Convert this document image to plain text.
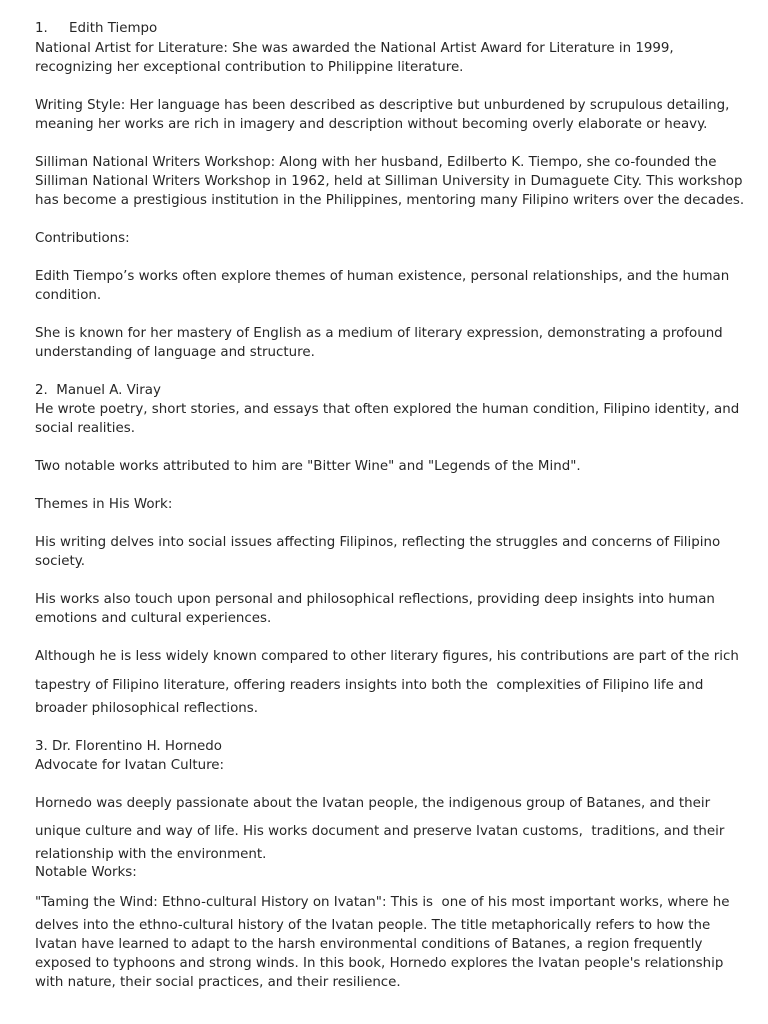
1.     Edith Tiempo
National Artist for Literature: She was awarded the National Artist Award for Literature in 1999,
recognizing her exceptional contribution to Philippine literature.
Writing Style: Her language has been described as descriptive but unburdened by scrupulous detailing,
meaning her works are rich in imagery and description without becoming overly elaborate or heavy.
Silliman National Writers Workshop: Along with her husband, Edilberto K. Tiempo, she co-founded the
Silliman National Writers Workshop in 1962, held at Silliman University in Dumaguete City. This workshop
has become a prestigious institution in the Philippines, mentoring many Filipino writers over the decades.
Contributions:
Edith Tiempo’s works often explore themes of human existence, personal relationships, and the human
condition.
She is known for her mastery of English as a medium of literary expression, demonstrating a profound
understanding of language and structure.
2.  Manuel A. Viray
He wrote poetry, short stories, and essays that often explored the human condition, Filipino identity, and
social realities.
Two notable works attributed to him are "Bitter Wine" and "Legends of the Mind".
Themes in His Work:
His writing delves into social issues affecting Filipinos, reflecting the struggles and concerns of Filipino
society.
His works also touch upon personal and philosophical reflections, providing deep insights into human
emotions and cultural experiences.
Although he is less widely known compared to other literary figures, his contributions are part of the rich
tapestry of Filipino literature, offering readers insights into both the  complexities of Filipino life and
broader philosophical reflections.
3. Dr. Florentino H. Hornedo
Advocate for Ivatan Culture:
Hornedo was deeply passionate about the Ivatan people, the indigenous group of Batanes, and their
unique culture and way of life. His works document and preserve Ivatan customs,  traditions, and their
relationship with the environment.
Notable Works:
"Taming the Wind: Ethno-cultural History on Ivatan": This is  one of his most important works, where he
delves into the ethno-cultural history of the Ivatan people. The title metaphorically refers to how the
Ivatan have learned to adapt to the harsh environmental conditions of Batanes, a region frequently
exposed to typhoons and strong winds. In this book, Hornedo explores the Ivatan people's relationship
with nature, their social practices, and their resilience.
